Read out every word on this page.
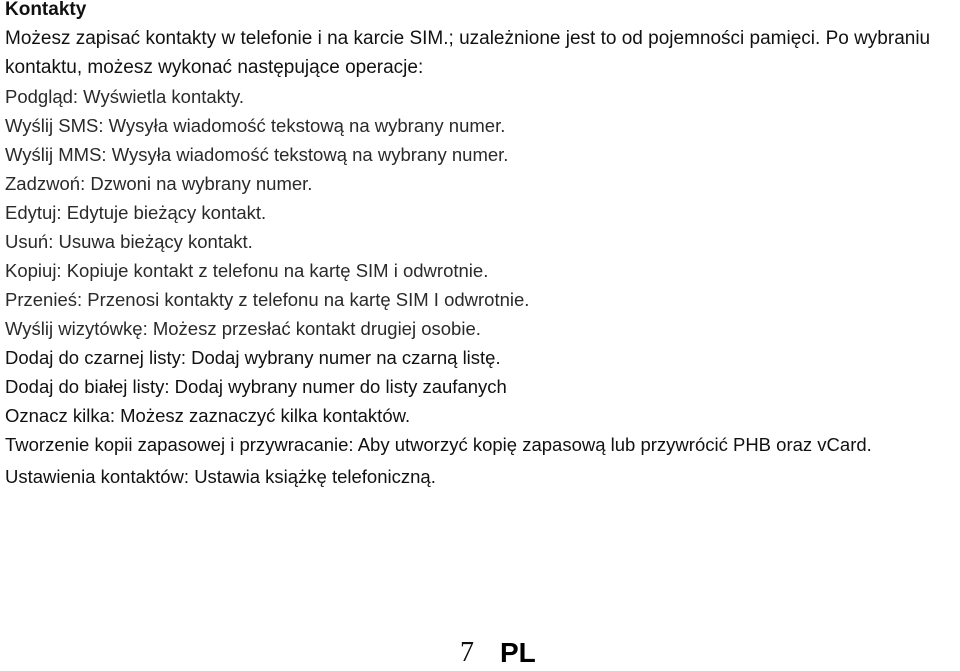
Kontakty
Możesz zapisać kontakty w telefonie i na karcie SIM.; uzależnione jest to od pojemności pamięci. Po wybraniu kontaktu, możesz wykonać następujące operacje:
Podgląd: Wyświetla kontakty.
Wyślij SMS: Wysyła wiadomość tekstową na wybrany numer.
Wyślij MMS: Wysyła wiadomość tekstową na wybrany numer.
Zadzwoń: Dzwoni na wybrany numer.
Edytuj: Edytuje bieżący kontakt.
Usuń: Usuwa bieżący kontakt.
Kopiuj: Kopiuje kontakt z telefonu na kartę SIM i odwrotnie.
Przenieś: Przenosi kontakty z telefonu na kartę SIM I odwrotnie.
Wyślij wizytówkę: Możesz przesłać kontakt drugiej osobie.
Dodaj do czarnej listy: Dodaj wybrany numer na czarną listę.
Dodaj do białej listy: Dodaj wybrany numer do listy zaufanych
Oznacz kilka: Możesz zaznaczyć kilka kontaktów.
Tworzenie kopii zapasowej i przywracanie: Aby utworzyć kopię zapasową lub przywrócić PHB oraz vCard.
Ustawienia kontaktów: Ustawia książkę telefoniczną.
7 PL
